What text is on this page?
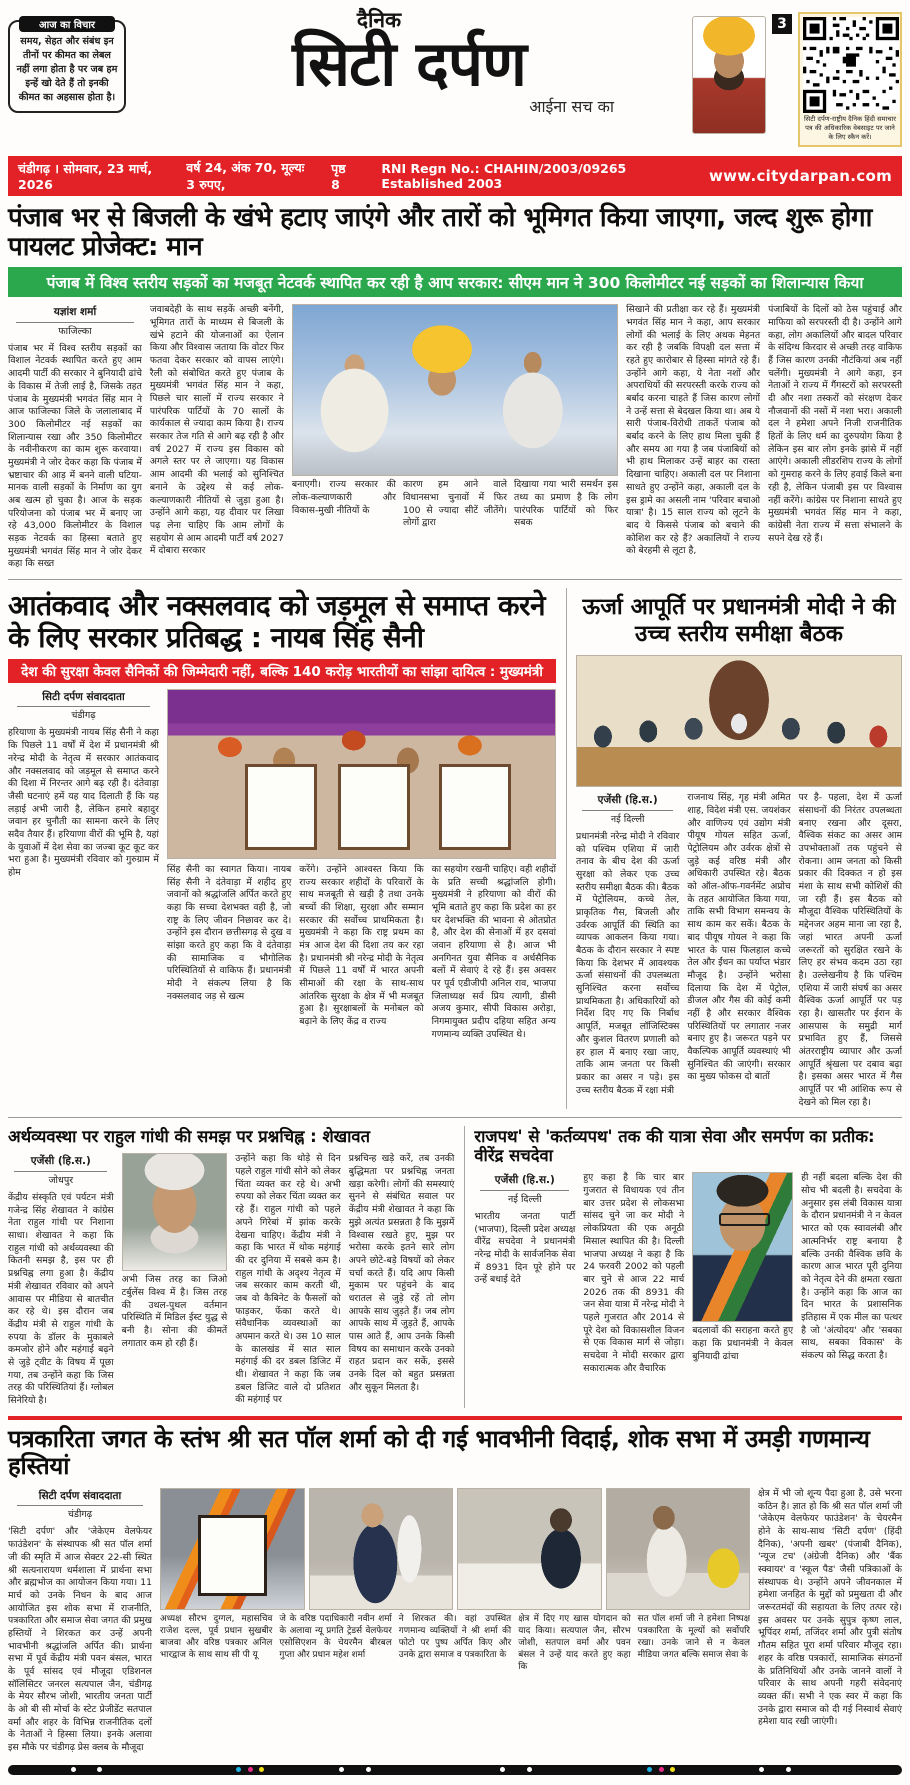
आज का विचार

समय, सेहत और संबंध इन तीनों पर कीमत का लेबल नहीं लगा होता है पर जब हम इन्हें खो देते हैं तो इनकी कीमत का अहसास होता है।

दैनिक
सिटी दर्पण
आईना सच का
3

सिटी दर्पण-राष्ट्रीय दैनिक हिंदी समाचार पत्र की अधिकारिक वेबसाइट पर जाने के लिए स्कैन करें।

चंडीगढ़ । सोमवार, 23 मार्च, 2026
वर्ष 24, अंक 70, मूल्यः 3 रुपए,
पृष्ठ 8
RNI Regn No.: CHAHIN/2003/09265 Established 2003	www.citydarpan.com
पंजाब भर से बिजली के खंभे हटाए जाएंगे और तारों को भूमिगत किया जाएगा, जल्द शुरू होगा पायलट प्रोजेक्ट: मान
पंजाब में विश्व स्तरीय सड़कों का मजबूत नेटवर्क स्थापित कर रही है आप सरकार: सीएम मान ने 300 किलोमीटर नई सड़कों का शिलान्यास किया
यज्ञांश शर्मा
फाजिल्का

पंजाब भर में विश्व स्तरीय सड़कों का विशाल नेटवर्क स्थापित करते हुए आम आदमी पार्टी की सरकार ने बुनियादी ढांचे के विकास में तेजी लाई है, जिसके तहत पंजाब के मुख्यमंत्री भगवंत सिंह मान ने आज फाजिल्का जिले के जलालाबाद में 300 किलोमीटर नई सड़कों का शिलान्यास रखा और 350 किलोमीटर के नवीनीकरण का काम शुरू करवाया। मुख्यमंत्री ने जोर देकर कहा कि पंजाब में भ्रष्टाचार की आड़ में बनने वाली घटिया-मानक वाली सड़कों के निर्माण का युग अब खत्म हो चुका है। आज के सड़क परियोजना को पंजाब भर में बनाए जा रहे 43,000 किलोमीटर के विशाल सड़क नेटवर्क का हिस्सा बताते हुए मुख्यमंत्री भगवंत सिंह मान ने जोर देकर कहा कि सख्त

जवाबदेही के साथ सड़कें अच्छी बनेंगी, भूमिगत तारों के माध्यम से बिजली के खंभे हटाने की योजनाओं का ऐलान किया और विश्वास जताया कि वोटर फिर फतवा देकर सरकार को वापस लाएंगे। रैली को संबोधित करते हुए पंजाब के मुख्यमंत्री भगवंत सिंह मान ने कहा, पिछले चार सालों में राज्य सरकार ने पारंपरिक पार्टियों के 70 सालों के कार्यकाल से ज्यादा काम किया है। राज्य सरकार तेज गति से आगे बढ़ रही है और वर्ष 2027 में राज्य इस विकास को अगले स्तर पर ले जाएगा। यह विकास आम आदमी की भलाई को सुनिश्चित बनाने के उद्देश्य से कई लोक-कल्याणकारी नीतियों से जुड़ा हुआ है। उन्होंने आगे कहा, यह दीवार पर लिखा पढ़ लेना चाहिए कि आम लोगों के सहयोग से आम आदमी पार्टी वर्ष 2027 में दोबारा सरकार

बनाएगी। राज्य सरकार की लोक-कल्याणकारी और विकास-मुखी नीतियों के
कारण हम आने वाले विधानसभा चुनावों में फिर 100 से ज्यादा सीटें जीतेंगे। लोगों द्वारा
दिखाया गया भारी समर्थन इस तथ्य का प्रमाण है कि लोग पारंपरिक पार्टियों को फिर सबक

सिखाने की प्रतीक्षा कर रहे हैं। मुख्यमंत्री भगवंत सिंह मान ने कहा, आप सरकार लोगों की भलाई के लिए अथक मेहनत कर रही है जबकि विपक्षी दल सत्ता में रहते हुए कारोबार से हिस्सा मांगते रहे हैं। उन्होंने आगे कहा, ये नेता नशों और अपराधियों की सरपरस्ती करके राज्य को बर्बाद करना चाहते हैं जिस कारण लोगों ने उन्हें सत्ता से बेदखल किया था। अब ये सारी पंजाब-विरोधी ताकतें पंजाब को बर्बाद करने के लिए हाथ मिला चुकी हैं और समय आ गया है जब पंजाबियों को भी हाथ मिलाकर उन्हें बाहर का रास्ता दिखाना चाहिए। अकाली दल पर निशाना साधते हुए उन्होंने कहा, अकाली दल के इस ड्रामे का असली नाम 'परिवार बचाओ यात्रा' है। 15 साल राज्य को लूटने के बाद ये किससे पंजाब को बचाने की कोशिश कर रहे हैं? अकालियों ने राज्य को बेरहमी से लूटा है,

पंजाबियों के दिलों को ठेस पहुंचाई और माफिया को सरपरस्ती दी है। उन्होंने आगे कहा, लोग अकालियों और बादल परिवार के संदिग्ध किरदार से अच्छी तरह वाकिफ हैं जिस कारण उनकी नौटंकियां अब नहीं चलेंगी। मुख्यमंत्री ने आगे कहा, इन नेताओं ने राज्य में गैंगस्टरों को सरपरस्ती दी और नशा तस्करों को संरक्षण देकर नौजवानों की नसों में नशा भरा। अकाली दल ने हमेशा अपने निजी राजनीतिक हितों के लिए धर्म का दुरुपयोग किया है लेकिन इस बार लोग इनके झांसे में नहीं आएंगे। अकाली लीडरशिप राज्य के लोगों को गुमराह करने के लिए हवाई किले बना रही है, लेकिन पंजाबी इस पर विश्वास नहीं करेंगे। कांग्रेस पर निशाना साधते हुए मुख्यमंत्री भगवंत सिंह मान ने कहा, कांग्रेसी नेता राज्य में सत्ता संभालने के सपने देख रहे हैं।

आतंकवाद और नक्सलवाद को जड़मूल से समाप्त करने के लिए सरकार प्रतिबद्ध : नायब सिंह सैनी
देश की सुरक्षा केवल सैनिकों की जिम्मेदारी नहीं, बल्कि 140 करोड़ भारतीयों का सांझा दायित्व : मुख्यमंत्री
सिटी दर्पण संवाददाता
चंडीगढ़

हरियाणा के मुख्यमंत्री नायब सिंह सैनी ने कहा कि पिछले 11 वर्षों में देश में प्रधानमंत्री श्री नरेन्द्र मोदी के नेतृत्व में सरकार आतंकवाद और नक्सलवाद को जड़मूल से समाप्त करने की दिशा में निरन्तर आगे बढ़ रही है। दंतेवाड़ा जैसी घटनाएं हमें यह याद दिलाती हैं कि यह लड़ाई अभी जारी है, लेकिन हमारे बहादुर जवान हर चुनौती का सामना करने के लिए सदैव तैयार हैं। हरियाणा वीरों की भूमि है, यहां के युवाओं में देश सेवा का जज्बा कूट कूट कर भरा हुआ है। मुख्यमंत्री रविवार को गुरुग्राम में होम	सिंह सैनी का स्वागत किया। नायब सिंह सैनी ने दंतेवाड़ा में शहीद हुए जवानों को श्रद्धांजलि अर्पित करते हुए कहा कि सच्चा देशभक्त वही है, जो राष्ट्र के लिए जीवन निछावर कर दे। उन्होंने इस दौरान छत्तीसगढ़ से दुख व सांझा करते हुए कहा कि वे दंतेवाड़ा की सामाजिक व भौगोलिक परिस्थितियों से वाकिफ हैं। प्रधानमंत्री मोदी ने संकल्प लिया है कि नक्सलवाद जड़ से खत्म
करेंगे। उन्होंने आश्वस्त किया कि राज्य सरकार शहीदों के परिवारों के साथ मजबूती से खड़ी है तथा उनके बच्चों की शिक्षा, सुरक्षा और सम्मान सरकार की सर्वोच्च प्राथमिकता है। मुख्यमंत्री ने कहा कि राष्ट्र प्रथम का मंत्र आज देश की दिशा तय कर रहा है। प्रधानमंत्री श्री नरेन्द्र मोदी के नेतृत्व में पिछले 11 वर्षों में भारत अपनी सीमाओं की रक्षा के साथ-साथ आंतरिक सुरक्षा के क्षेत्र में भी मजबूत हुआ है। सुरक्षाबलों के मनोबल को बढ़ाने के लिए केंद्र व राज्य
का सहयोग रखनी चाहिए। वही शहीदों के प्रति सच्ची श्रद्धांजलि होगी। मुख्यमंत्री ने हरियाणा को वीरों की भूमि बताते हुए कहा कि प्रदेश का हर घर देशभक्ति की भावना से ओतप्रोत है, और देश की सेनाओं में हर दसवां जवान हरियाणा से है। आज भी अनगिनत युवा सैनिक व अर्धसैनिक बलों में सेवाएं दे रहे हैं। इस अवसर पर पूर्व एडीजीपी अनिल राव, भाजपा जिलाध्यक्ष सर्व प्रिय त्यागी, डीसी अजय कुमार, सीपी विकास अरोड़ा, निगमायुक्त प्रदीप दहिया सहित अन्य गणमान्य व्यक्ति उपस्थित थे।
ऊर्जा आपूर्ति पर प्रधानमंत्री मोदी ने की उच्च स्तरीय समीक्षा बैठक
एजेंसी (हि.स.)
नई दिल्ली

प्रधानमंत्री नरेन्द्र मोदी ने रविवार को पश्चिम एशिया में जारी तनाव के बीच देश की ऊर्जा सुरक्षा को लेकर एक उच्च स्तरीय समीक्षा बैठक की। बैठक में पेट्रोलियम, कच्चे तेल, प्राकृतिक गैस, बिजली और उर्वरक आपूर्ति की स्थिति का व्यापक आकलन किया गया। बैठक के दौरान सरकार ने स्पष्ट किया कि देशभर में आवश्यक ऊर्जा संसाधनों की उपलब्धता सुनिश्चित करना सर्वोच्च प्राथमिकता है। अधिकारियों को निर्देश दिए गए कि निर्बाध आपूर्ति, मजबूत लॉजिस्टिक्स और कुशल वितरण प्रणाली को हर हाल में बनाए रखा जाए, ताकि आम जनता पर किसी प्रकार का असर न पड़े। इस उच्च स्तरीय बैठक में रक्षा मंत्री

राजनाथ सिंह, गृह मंत्री अमित शाह, विदेश मंत्री एस. जयशंकर और वाणिज्य एवं उद्योग मंत्री पीयूष गोयल सहित ऊर्जा, पेट्रोलियम और उर्वरक क्षेत्रों से जुड़े कई वरिष्ठ मंत्री और अधिकारी उपस्थित रहे। बैठक को ऑल-ऑफ-गवर्नमेंट अप्रोच के तहत आयोजित किया गया, ताकि सभी विभाग समन्वय के साथ काम कर सकें। बैठक के बाद पीयूष गोयल ने कहा कि भारत के पास फिलहाल कच्चे तेल और ईंधन का पर्याप्त भंडार मौजूद है। उन्होंने भरोसा दिलाया कि देश में पेट्रोल, डीजल और गैस की कोई कमी नहीं है और सरकार वैश्विक परिस्थितियों पर लगातार नजर बनाए हुए है। जरूरत पड़ने पर वैकल्पिक आपूर्ति व्यवस्थाएं भी सुनिश्चित की जाएंगी। सरकार का मुख्य फोकस दो बातों
पर है- पहला, देश में ऊर्जा संसाधनों की निरंतर उपलब्धता बनाए रखना और दूसरा, वैश्विक संकट का असर आम उपभोक्ताओं तक पहुंचने से रोकना। आम जनता को किसी प्रकार की दिक्कत न हो इस मंशा के साथ सभी कोशिशें की जा रही हैं। इस बैठक को मौजूदा वैश्विक परिस्थितियों के मद्देनजर अहम माना जा रहा है, जहां भारत अपनी ऊर्जा जरूरतों को सुरक्षित रखने के लिए हर संभव कदम उठा रहा है। उल्लेखनीय है कि पश्चिम एशिया में जारी संघर्ष का असर वैश्विक ऊर्जा आपूर्ति पर पड़ रहा है। खासतौर पर ईरान के आसपास के समुद्री मार्ग प्रभावित हुए हैं, जिससे अंतरराष्ट्रीय व्यापार और ऊर्जा आपूर्ति श्रृंखला पर दबाव बढ़ा है। इसका असर भारत में गैस आपूर्ति पर भी आंशिक रूप से देखने को मिल रहा है।
अर्थव्यवस्था पर राहुल गांधी की समझ पर प्रश्नचिह्न : शेखावत
एजेंसी (हि.स.)
जोधपुर

केंद्रीय संस्कृति एवं पर्यटन मंत्री गजेन्द्र सिंह शेखावत ने कांग्रेस नेता राहुल गांधी पर निशाना साधा। शेखावत ने कहा कि राहुल गांधी को अर्थव्यवस्था की कितनी समझ है, इस पर ही प्रश्नचिह्न लगा हुआ है। केंद्रीय मंत्री शेखावत रविवार को अपने आवास पर मीडिया से बातचीत कर रहे थे। इस दौरान जब केंद्रीय मंत्री से राहुल गांधी के रुपया के डॉलर के मुकाबले कमजोर होने और महंगाई बढ़ने से जुड़े ट्वीट के विषय में पूछा गया, तब उन्होंने कहा कि जिस तरह की परिस्थितियां हैं। ग्लोबल सिनेरियो है।

अभी जिस तरह का जिओ टर्बुलेंस विश्व में है। जिस तरह की उथल-पुथल वर्तमान परिस्थिति में मिडिल ईस्ट युद्ध से बनी है। सोना की कीमतें लगातार कम हो रही हैं।

उन्होंने कहा कि थोड़े से दिन पहले राहुल गांधी सोने को लेकर चिंता व्यक्त कर रहे थे। अभी रुपया को लेकर चिंता व्यक्त कर रहे हैं। राहुल गांधी को पहले अपने गिरेबां में झांक करके देखना चाहिए। केंद्रीय मंत्री ने कहा कि भारत में थोक महंगाई की दर दुनिया में सबसे कम है। राहुल गांधी के अदृश्य नेतृत्व में जब सरकार काम करती थी, जब वो कैबिनेट के फैसलों को फाड़कर, फेंका करते थे। संवैधानिक व्यवस्थाओं का अपमान करते थे। उस 10 साल के कालखंड में सात साल महंगाई की दर डबल डिजिट में थी। शेखावत ने कहा कि जब डबल डिजिट वाले दो प्रतिशत की महंगाई पर
प्रश्नचिन्ह खड़े करें, तब उनकी बुद्धिमता पर प्रश्नचिह्न जनता खड़ा करेगी। लोगों की समस्याएं सुनने से संबंधित सवाल पर केंद्रीय मंत्री शेखावत ने कहा कि मुझे अत्यंत प्रसन्नता है कि मुझमें विश्वास रखते हुए, मुझ पर भरोसा करके इतने सारे लोग अपने छोटे-बड़े विषयों को लेकर चर्चा करते हैं। यदि आप किसी मुकाम पर पहुंचने के बाद धरातल से जुड़े रहें तो लोग आपके साथ जुड़ते हैं। जब लोग आपके साथ में जुड़ते हैं, आपके पास आते हैं, आप उनके किसी विषय का समाधान करके उनको राहत प्रदान कर सकें, इससे उनके दिल को बहुत प्रसन्नता और सुकून मिलता है।
राजपथ' से 'कर्तव्यपथ' तक की यात्रा सेवा और समर्पण का प्रतीक: वीरेंद्र सचदेवा
एजेंसी (हि.स.)
नई दिल्ली

भारतीय जनता पार्टी (भाजपा), दिल्ली प्रदेश अध्यक्ष वीरेंद्र सचदेवा ने प्रधानमंत्री नरेन्द्र मोदी के सार्वजनिक सेवा में 8931 दिन पूरे होने पर उन्हें बधाई देते

हुए कहा है कि चार बार गुजरात से विधायक एवं तीन बार उत्तर प्रदेश से लोकसभा सांसद चुने जा कर मोदी ने लोकप्रियता की एक अनूठी मिसाल स्थापित की है। दिल्ली भाजपा अध्यक्ष ने कहा है कि 24 फरवरी 2002 को पहली बार चुने से आज 22 मार्च 2026 तक की 8931 की जन सेवा यात्रा में नरेन्द्र मोदी ने पहले गुजरात और 2014 से पूरे देश को विकासशील विजन से एक विकास मार्ग से जोड़ा। सचदेवा ने मोदी सरकार द्वारा सकारात्मक और वैचारिक

बदलावों की सराहना करते हुए कहा कि प्रधानमंत्री ने केवल बुनियादी ढांचा

ही नहीं बदला बल्कि देश की सोच भी बदली है। सचदेवा के अनुसार इस लंबी विकास यात्रा के दौरान प्रधानमंत्री ने न केवल भारत को एक स्वावलंबी और आत्मनिर्भर राष्ट्र बनाया है बल्कि उनकी वैश्विक छवि के कारण आज भारत पूरी दुनिया को नेतृत्व देने की क्षमता रखता है। उन्होंने कहा कि आज का दिन भारत के प्रशासनिक इतिहास में एक मील का पत्थर है जो 'अंत्योदय' और 'सबका साथ, सबका विकास' के संकल्प को सिद्ध करता है।
पत्रकारिता जगत के स्तंभ श्री सत पॉल शर्मा को दी गई भावभीनी विदाई, शोक सभा में उमड़ी गणमान्य हस्तियां
सिटी दर्पण संवाददाता
चंडीगढ़

'सिटी दर्पण' और 'जेकेएम वेलफेयर फाउंडेशन' के संस्थापक श्री सत पॉल शर्मा जी की स्मृति में आज सेक्टर 22-सी स्थित श्री सत्यनारायण धर्मशाला में प्रार्थना सभा और ब्रह्मभोज का आयोजन किया गया। 11 मार्च को उनके निधन के बाद आज आयोजित इस शोक सभा में राजनीति, पत्रकारिता और समाज सेवा जगत की प्रमुख हस्तियों ने शिरकत कर उन्हें अपनी भावभीनी श्रद्धांजलि अर्पित की। प्रार्थना सभा में पूर्व केंद्रीय मंत्री पवन बंसल, भारत के पूर्व सांसद एवं मौजूदा एडिशनल सॉलिसिटर जनरल सत्यपाल जैन, चंडीगढ़ के मेयर सौरभ जोशी, भारतीय जनता पार्टी के ओ बी सी मोर्चा के स्टेट प्रेजीडेंट सतपाल वर्मा और शहर के विभिन्न राजनीतिक दलों के नेताओं ने हिस्सा लिया। इनके अलावा इस मौके पर चंडीगढ़ प्रेस क्लब के मौजूदा

अध्यक्ष सौरभ दुग्गल, महासचिव राजेश दल्ल, पूर्व प्रधान सुखबीर बाजवा और वरिष्ठ पत्रकार अनिल भारद्वाज के साथ साथ सी पी यू
जे के वरिष्ठ पदाधिकारी नवीन शर्मा के अलावा न्यू प्रगति ट्रेडर्स वेलफेयर एसोसिएशन के चेयरमैन बीरबल गुप्ता और प्रधान महेश शर्मा
ने शिरकत की। वहां उपस्थित गणमान्य व्यक्तियों ने श्री शर्मा की फोटो पर पुष्प अर्पित किए और उनके द्वारा समाज व पत्रकारिता के
क्षेत्र में दिए गए खास योगदान को याद किया। सत्यपाल जैन, सौरभ जोशी, सतपाल वर्मा और पवन बंसल ने उन्हें याद करते हुए कहा कि
सत पॉल शर्मा जी ने हमेशा निष्पक्ष पत्रकारिता के मूल्यों को सर्वोपरि रखा। उनके जाने से न केवल मीडिया जगत बल्कि समाज सेवा के
क्षेत्र में भी जो शून्य पैदा हुआ है, उसे भरना कठिन है। ज्ञात हो कि श्री सत पॉल शर्मा जी 'जेकेएम वेलफेयर फाउंडेशन' के चेयरमैन होने के साथ-साथ 'सिटी दर्पण' (हिंदी दैनिक), 'अपनी खबर' (पंजाबी दैनिक), 'न्यूज टच' (अंग्रेजी दैनिक) और 'बैंक स्क्वायर' व 'स्कूल पैड' जैसी पत्रिकाओं के संस्थापक थे। उन्होंने अपने जीवनकाल में हमेशा जनहित के मुद्दों को प्रमुखता दी और जरूरतमंदों की सहायता के लिए तत्पर रहे। इस अवसर पर उनके सुपुत्र कृष्ण लाल, भूपिंदर शर्मा, तजिंदर शर्मा और पुत्री संतोष गौतम सहित पूरा शर्मा परिवार मौजूद रहा। शहर के वरिष्ठ पत्रकारों, सामाजिक संगठनों के प्रतिनिधियों और उनके जानने वालों ने परिवार के साथ अपनी गहरी संवेदनाएं व्यक्त कीं। सभी ने एक स्वर में कहा कि उनके द्वारा समाज को दी गई निस्वार्थ सेवाएं हमेशा याद रखी जाएंगी।
